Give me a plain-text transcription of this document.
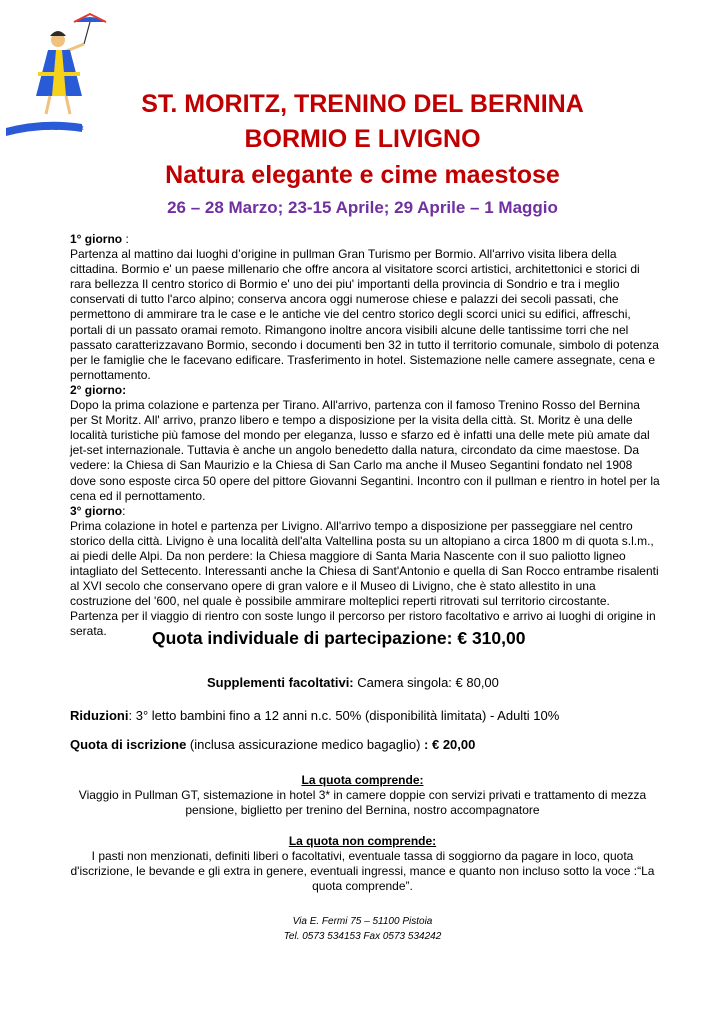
CRAZY TOUR
ST. MORITZ, TRENINO DEL BERNINA
BORMIO E LIVIGNO
Natura elegante e cime maestose
26 – 28 Marzo; 23-15 Aprile; 29 Aprile – 1 Maggio

1° giorno :

Partenza al mattino dai luoghi d’origine in pullman Gran Turismo per Bormio. All'arrivo visita libera della cittadina. Bormio e' un paese millenario che offre ancora al visitatore scorci artistici, architettonici e storici di rara bellezza Il centro storico di Bormio e' uno dei piu' importanti della provincia di Sondrio e tra i meglio conservati di tutto l'arco alpino; conserva ancora oggi numerose chiese e palazzi dei secoli passati, che permettono di ammirare tra le case e le antiche vie del centro storico degli scorci unici su edifici, affreschi, portali di un passato oramai remoto. Rimangono inoltre ancora visibili alcune delle tantissime torri che nel passato caratterizzavano Bormio, secondo i documenti ben 32 in tutto il territorio comunale, simbolo di potenza per le famiglie che le facevano edificare. Trasferimento in hotel. Sistemazione nelle camere assegnate, cena e pernottamento.

2° giorno:

Dopo la prima colazione e partenza per Tirano. All'arrivo, partenza con il famoso Trenino Rosso del Bernina per St Moritz. All' arrivo, pranzo libero e tempo a disposizione per la visita della città. St. Moritz è una delle località turistiche più famose del mondo per eleganza, lusso e sfarzo ed è infatti una delle mete più amate dal jet-set internazionale. Tuttavia è anche un angolo benedetto dalla natura, circondato da cime maestose. Da vedere: la Chiesa di San Maurizio e la Chiesa di San Carlo ma anche il Museo Segantini fondato nel 1908 dove sono esposte circa 50 opere del pittore Giovanni Segantini. Incontro con il pullman e rientro in hotel per la cena ed il pernottamento.

3° giorno:

Prima colazione in hotel e partenza per Livigno. All'arrivo tempo a disposizione per passeggiare nel centro storico della città. Livigno è una località dell'alta Valtellina posta su un altopiano a circa 1800 m di quota s.l.m., ai piedi delle Alpi. Da non perdere: la Chiesa maggiore di Santa Maria Nascente con il suo paliotto ligneo intagliato del Settecento. Interessanti anche la Chiesa di Sant'Antonio e quella di San Rocco entrambe risalenti al XVI secolo che conservano opere di gran valore e il Museo di Livigno, che è stato allestito in una costruzione del '600, nel quale è possibile ammirare molteplici reperti ritrovati sul territorio circostante. Partenza per il viaggio di rientro con soste lungo il percorso per ristoro facoltativo e arrivo ai luoghi di origine in serata.	Quota individuale di partecipazione: € 310,00
Supplementi facoltativi: Camera singola: € 80,00
Riduzioni: 3° letto bambini fino a 12 anni n.c. 50% (disponibilità limitata) - Adulti 10%
Quota di iscrizione (inclusa assicurazione medico bagaglio) : € 20,00
La quota comprende:
Viaggio in Pullman GT, sistemazione in hotel 3* in camere doppie con servizi privati e trattamento di mezza pensione, biglietto per trenino del Bernina, nostro accompagnatore
La quota non comprende:
I pasti non menzionati, definiti liberi o facoltativi, eventuale tassa di soggiorno da pagare in loco, quota d'iscrizione, le bevande e gli extra in genere, eventuali ingressi, mance e quanto non incluso sotto la voce :“La quota comprende”.
Via E. Fermi 75 – 51100 Pistoia
Tel. 0573 534153 Fax 0573 534242
